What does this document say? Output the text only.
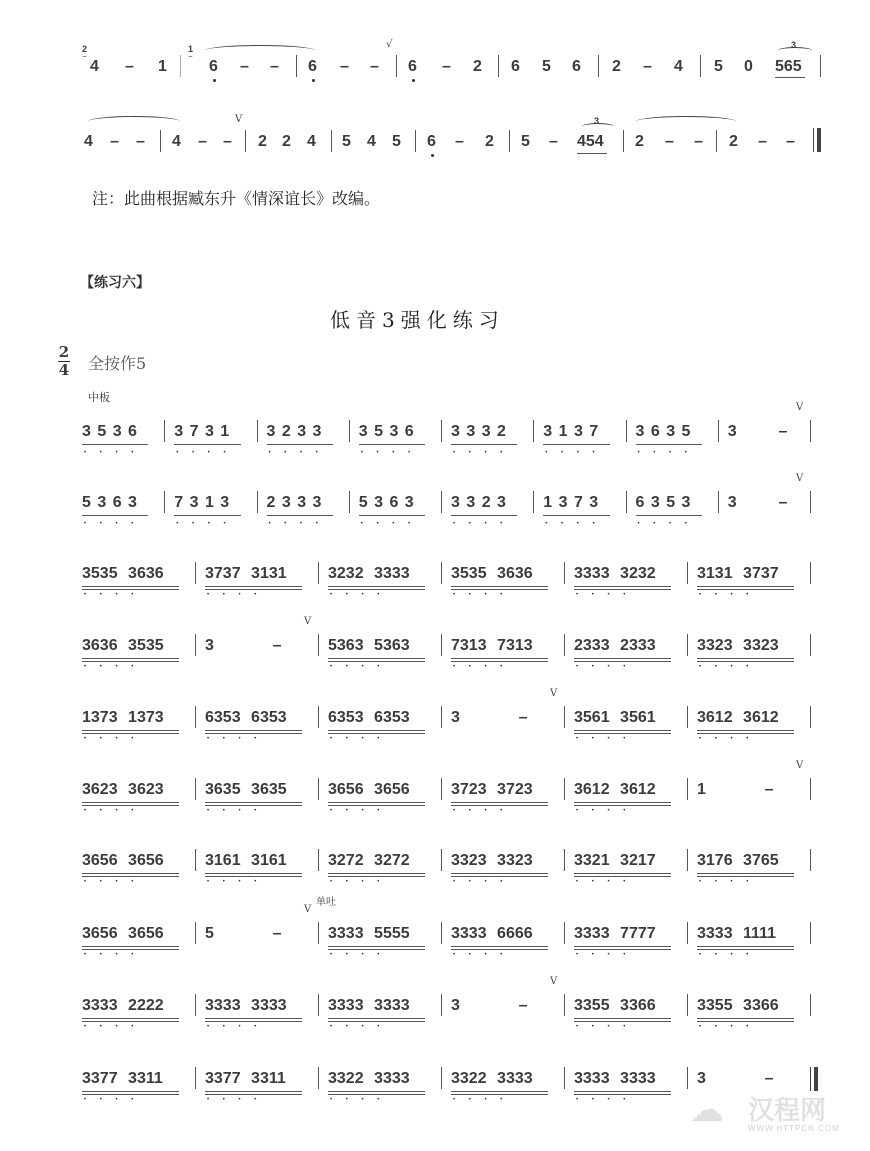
2
⁻ 4 – 1
1
⁻ 6 – – 6 – –
√
6 – 2 6 5 6 2 – 4 5 0
3
565
4 – – 4 – –
V
2 2 4 5 4 5 6 – 2 5 –
3
454 2 – – 2 – –
注：此曲根据臧东升《情深谊长》改编。
【练习六】
低音3强化练习
2
4 全按作5
中板
单吐
3 5 3 6
• • • •
3 7 3 1
• • • •
3 2 3 3
• • • •
3 5 3 6
• • • •
3 3 3 2
• • • •
3 1 3 7
• • • •
3 6 3 5
• • • •
3	–
V
5 3 6 3
• • • •
7 3 1 3
• • • •
2 3 3 3
• • • •
5 3 6 3
• • • •
3 3 2 3
• • • •
1 3 7 3
• • • •
6 3 5 3
• • • •
3	–
V
3535 3636
• • • •
3737 3131
• • • •
3232 3333
• • • •
3535 3636
• • • •
3333 3232
• • • •
3131 3737
• • • •
3636 3535
• • • •
3	–
V
5363 5363
• • • •
7313 7313
• • • •
2333 2333
• • • •
3323 3323
• • • •
1373 1373
• • • •
6353 6353
• • • •
6353 6353
• • • •
3	–
V
3561 3561
• • • •
3612 3612
• • • •
3623 3623
• • • •
3635 3635
• • • •
3656 3656
• • • •
3723 3723
• • • •
3612 3612
• • • •
1	–
V
3656 3656
• • • •
3161 3161
• • • •
3272 3272
• • • •
3323 3323
• • • •
3321 3217
• • • •
3176 3765
• • • •
3656 3656
• • • •
5	–
V
3333 5555
• • • •
3333 6666
• • • •
3333 7777
• • • •
3333 1111
• • • •
3333 2222
• • • •
3333 3333
• • • •
3333 3333
• • • •
3	–
V
3355 3366
• • • •
3355 3366
• • • •
3377 3311
• • • •
3377 3311
• • • •
3322 3333
• • • •
3322 3333
• • • •
3333 3333
• • • •
3	–
☁ 汉程网
WWW.HTTPCN.COM
